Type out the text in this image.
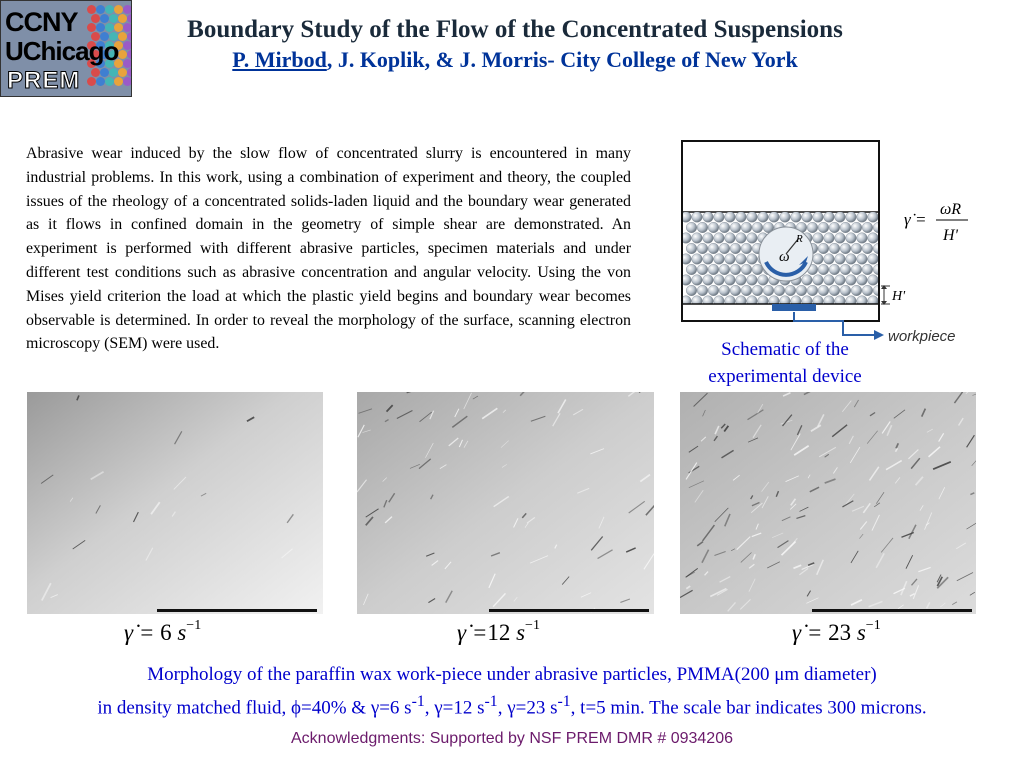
CCNY
UChicago
PREM
Boundary Study of the Flow of the Concentrated Suspensions
P. Mirbod, J. Koplik, & J. Morris- City College of New York
Abrasive wear induced by the slow flow of concentrated slurry is encountered in many industrial problems. In this work, using a combination of experiment and theory, the coupled issues of the rheology of a concentrated solids-laden liquid and the boundary wear generated as it flows in confined domain in the geometry of simple shear are demonstrated. An experiment is performed with different abrasive particles, specimen materials and under different test conditions such as abrasive concentration and angular velocity. Using the von Mises yield criterion the load at which the plastic yield begins and boundary wear becomes observable is determined. In order to reveal the morphology of the surface, scanning electron microscopy (SEM) were used.
ω
R
H'
workpiece
γ̇ =
ωR
H'
Schematic of the
experimental device
γ̇ = 6 $s^{-1}$	γ̇ =12 $s^{-1}$	γ̇ = 23 $s^{-1}$
Morphology of the paraffin wax work-piece under abrasive particles, PMMA(200 μm diameter)
in density matched fluid, ϕ=40% & γ=6 $s^{-1}$, γ=12 $s^{-1}$, γ=23 $s^{-1}$, t=5 min. The scale bar indicates 300 microns.
Acknowledgments: Supported by NSF PREM DMR # 0934206
